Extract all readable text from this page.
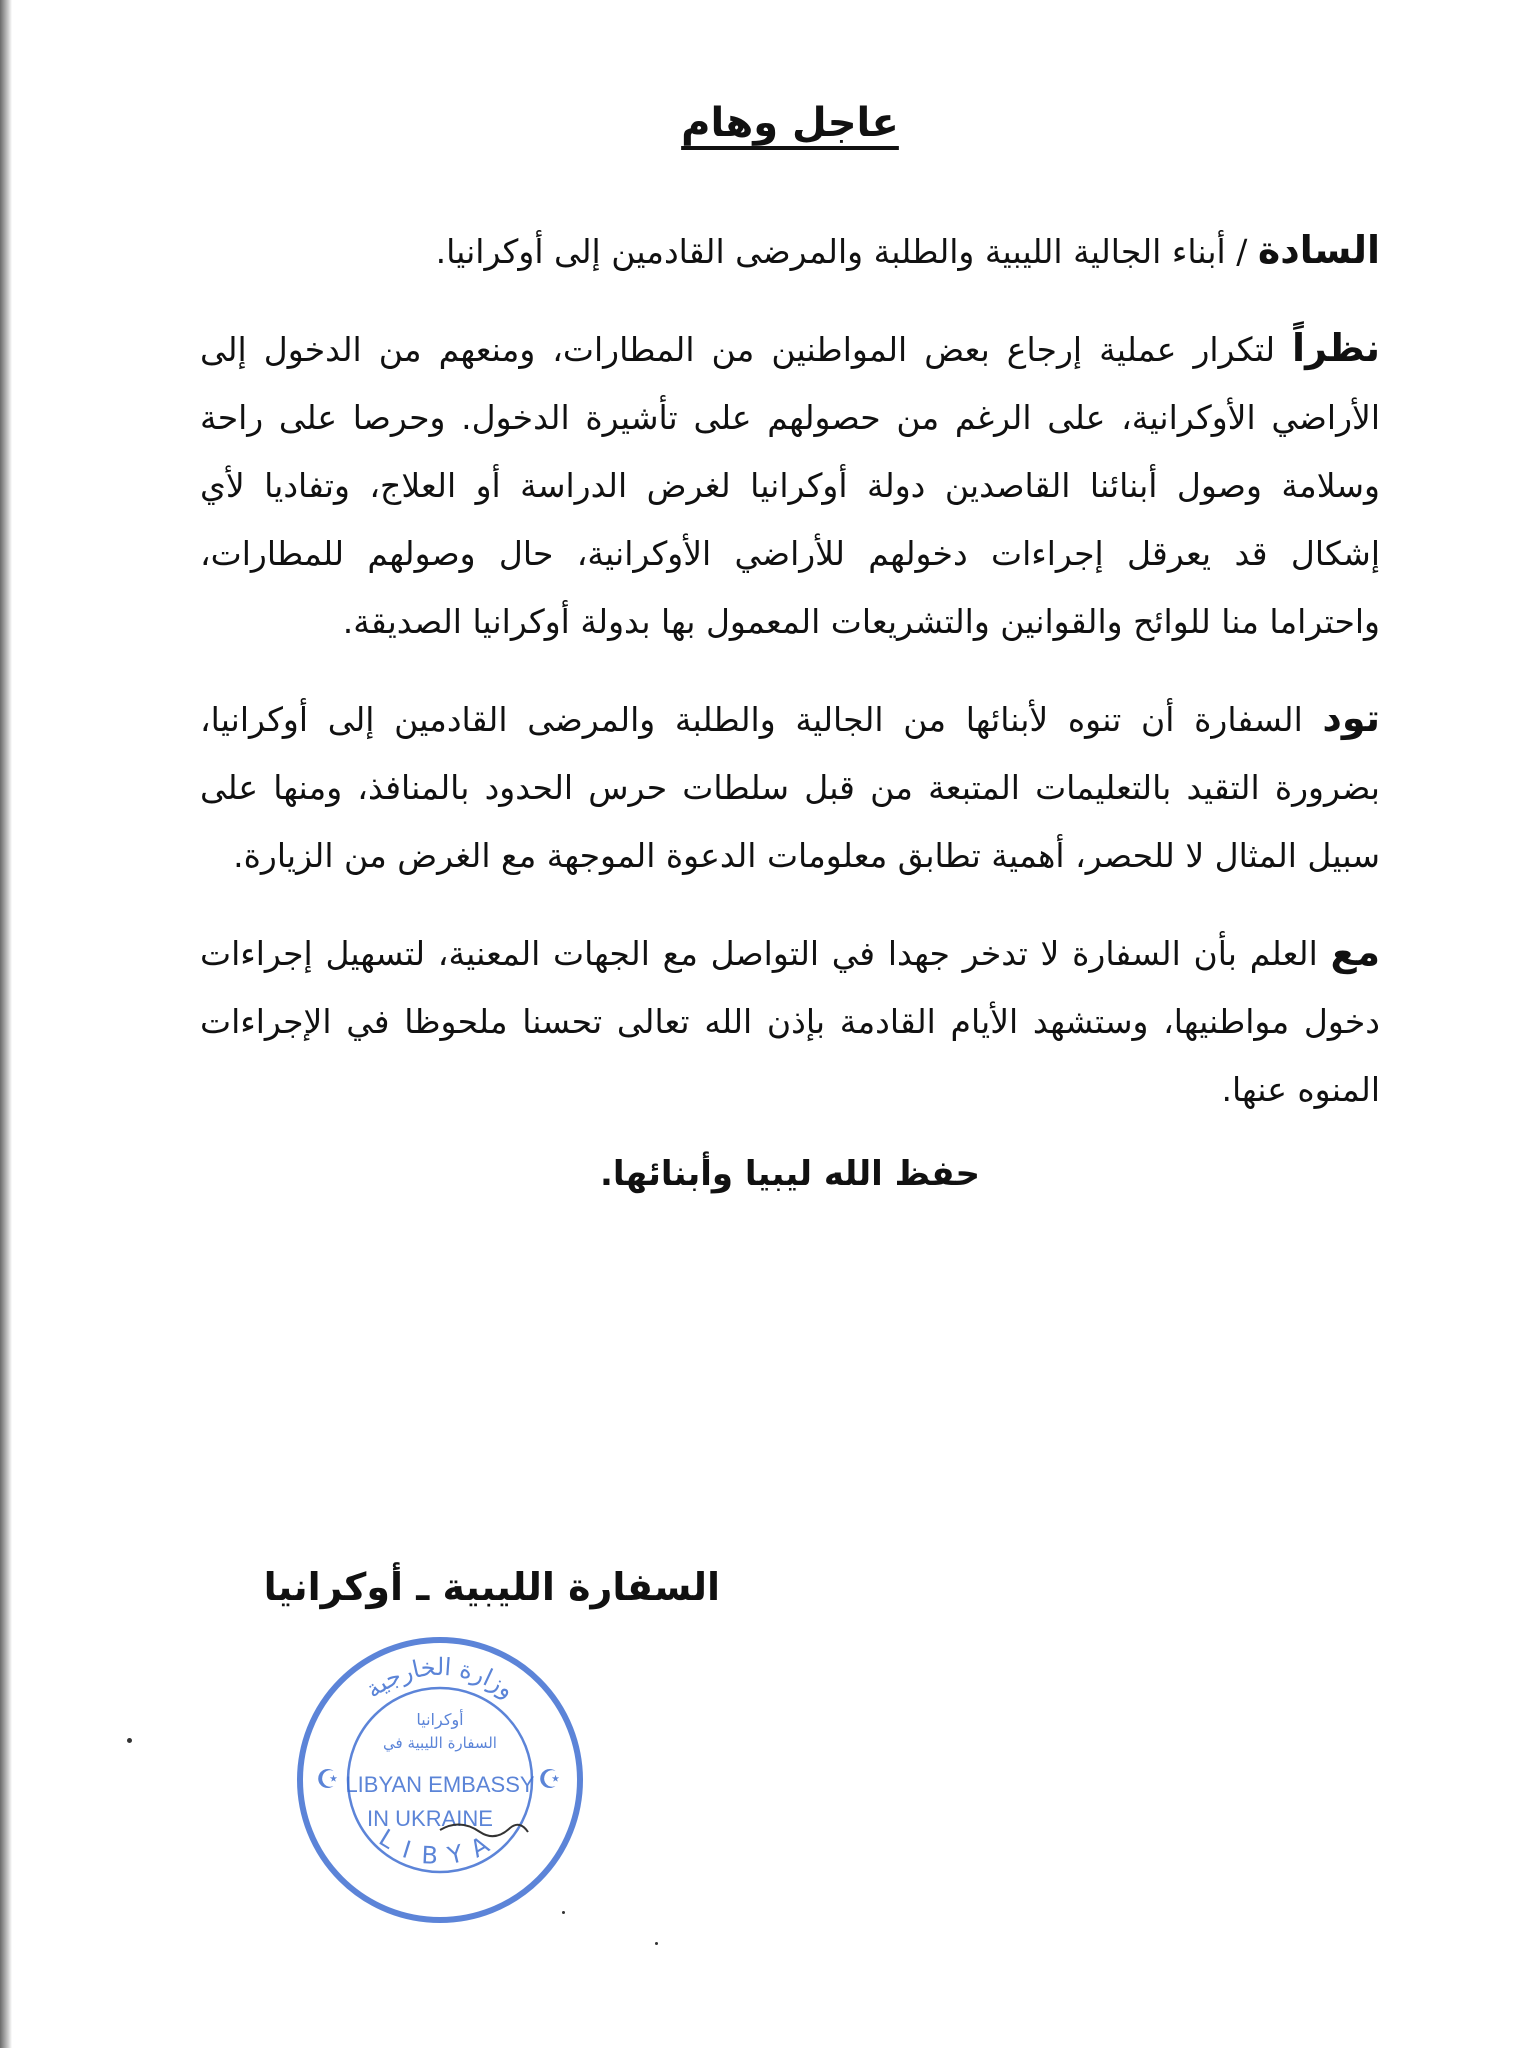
عاجل وهام

السادة / أبناء الجالية الليبية والطلبة والمرضى القادمين إلى أوكرانيا.

نظراً لتكرار عملية إرجاع بعض المواطنين من المطارات، ومنعهم من الدخول إلى الأراضي الأوكرانية، على الرغم من حصولهم على تأشيرة الدخول. وحرصا على راحة وسلامة وصول أبنائنا القاصدين دولة أوكرانيا لغرض الدراسة أو العلاج، وتفاديا لأي إشكال قد يعرقل إجراءات دخولهم للأراضي الأوكرانية، حال وصولهم للمطارات، واحتراما منا للوائح والقوانين والتشريعات المعمول بها بدولة أوكرانيا الصديقة.

تود السفارة أن تنوه لأبنائها من الجالية والطلبة والمرضى القادمين إلى أوكرانيا، بضرورة التقيد بالتعليمات المتبعة من قبل سلطات حرس الحدود بالمنافذ، ومنها على سبيل المثال لا للحصر، أهمية تطابق معلومات الدعوة الموجهة مع الغرض من الزيارة.

مع العلم بأن السفارة لا تدخر جهدا في التواصل مع الجهات المعنية، لتسهيل إجراءات دخول مواطنيها، وستشهد الأيام القادمة بإذن الله تعالى تحسنا ملحوظا في الإجراءات المنوه عنها.

حفظ الله ليبيا وأبنائها.
السفارة الليبية ـ أوكرانيا
وزارة الخارجية
LIBYA
أوكرانيا
السفارة الليبية في
LIBYAN EMBASSY
IN UKRAINE
☪	☪
